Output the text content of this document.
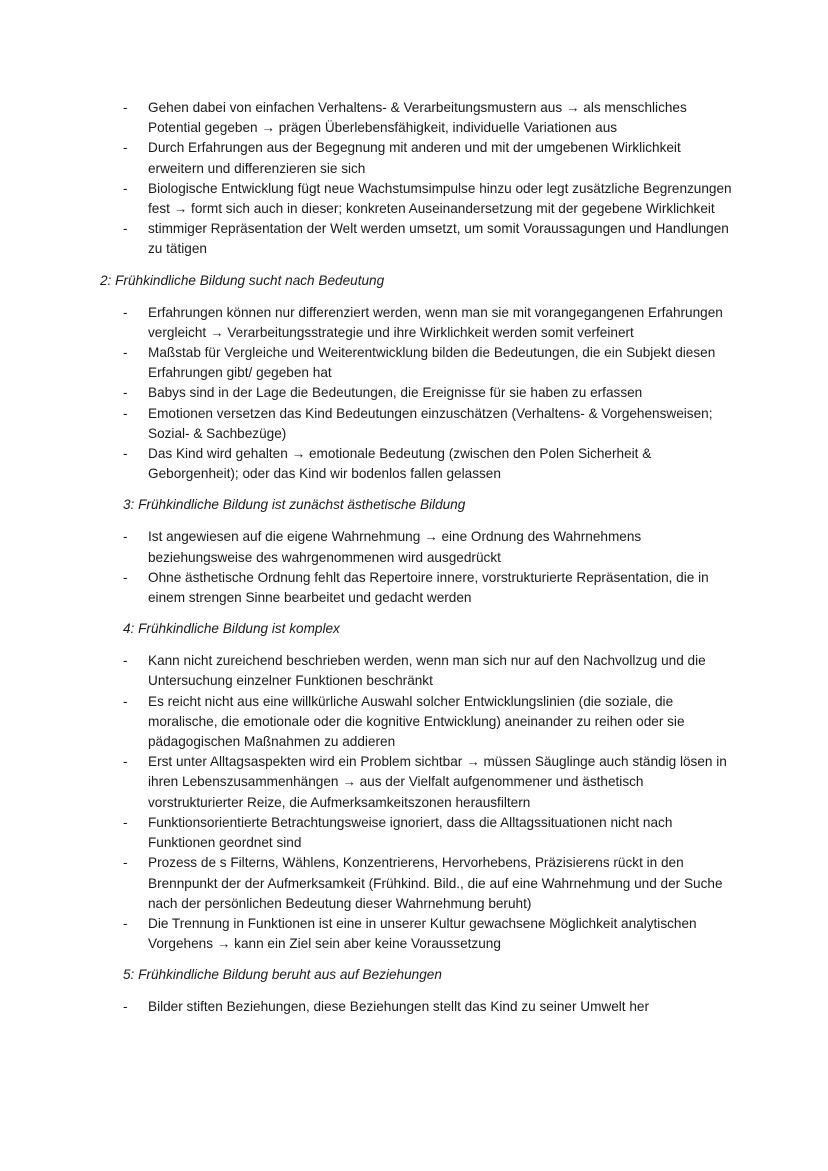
- Gehen dabei von einfachen Verhaltens- & Verarbeitungsmustern aus → als menschliches Potential gegeben → prägen Überlebensfähigkeit, individuelle Variationen aus
- Durch Erfahrungen aus der Begegnung mit anderen und mit der umgebenen Wirklichkeit erweitern und differenzieren sie sich
- Biologische Entwicklung fügt neue Wachstumsimpulse hinzu oder legt zusätzliche Begrenzungen fest → formt sich auch in dieser; konkreten Auseinandersetzung mit der gegebene Wirklichkeit
- stimmiger Repräsentation der Welt werden umsetzt, um somit Voraussagungen und Handlungen zu tätigen
2: Frühkindliche Bildung sucht nach Bedeutung
- Erfahrungen können nur differenziert werden, wenn man sie mit vorangegangenen Erfahrungen vergleicht → Verarbeitungsstrategie und ihre Wirklichkeit werden somit verfeinert
- Maßstab für Vergleiche und Weiterentwicklung bilden die Bedeutungen, die ein Subjekt diesen Erfahrungen gibt/ gegeben hat
- Babys sind in der Lage die Bedeutungen, die Ereignisse für sie haben zu erfassen
- Emotionen versetzen das Kind Bedeutungen einzuschätzen (Verhaltens- & Vorgehensweisen; Sozial- & Sachbezüge)
- Das Kind wird gehalten → emotionale Bedeutung (zwischen den Polen Sicherheit & Geborgenheit); oder das Kind wir bodenlos fallen gelassen
3: Frühkindliche Bildung ist zunächst ästhetische Bildung
- Ist angewiesen auf die eigene Wahrnehmung → eine Ordnung des Wahrnehmens beziehungsweise des wahrgenommenen wird ausgedrückt
- Ohne ästhetische Ordnung fehlt das Repertoire innere, vorstrukturierte Repräsentation, die in einem strengen Sinne bearbeitet und gedacht werden
4: Frühkindliche Bildung ist komplex
- Kann nicht zureichend beschrieben werden, wenn man sich nur auf den Nachvollzug und die Untersuchung einzelner Funktionen beschränkt
- Es reicht nicht aus eine willkürliche Auswahl solcher Entwicklungslinien (die soziale, die moralische, die emotionale oder die kognitive Entwicklung) aneinander zu reihen oder sie pädagogischen Maßnahmen zu addieren
- Erst unter Alltagsaspekten wird ein Problem sichtbar → müssen Säuglinge auch ständig lösen in ihren Lebenszusammenhängen → aus der Vielfalt aufgenommener und ästhetisch vorstrukturierter Reize, die Aufmerksamkeitszonen herausfiltern
- Funktionsorientierte Betrachtungsweise ignoriert, dass die Alltagssituationen nicht nach Funktionen geordnet sind
- Prozess de s Filterns, Wählens, Konzentrierens, Hervorhebens, Präzisierens rückt in den Brennpunkt der der Aufmerksamkeit (Frühkind. Bild., die auf eine Wahrnehmung und der Suche nach der persönlichen Bedeutung dieser Wahrnehmung beruht)
- Die Trennung in Funktionen ist eine in unserer Kultur gewachsene Möglichkeit analytischen Vorgehens → kann ein Ziel sein aber keine Voraussetzung
5: Frühkindliche Bildung beruht aus auf Beziehungen
- Bilder stiften Beziehungen, diese Beziehungen stellt das Kind zu seiner Umwelt her
